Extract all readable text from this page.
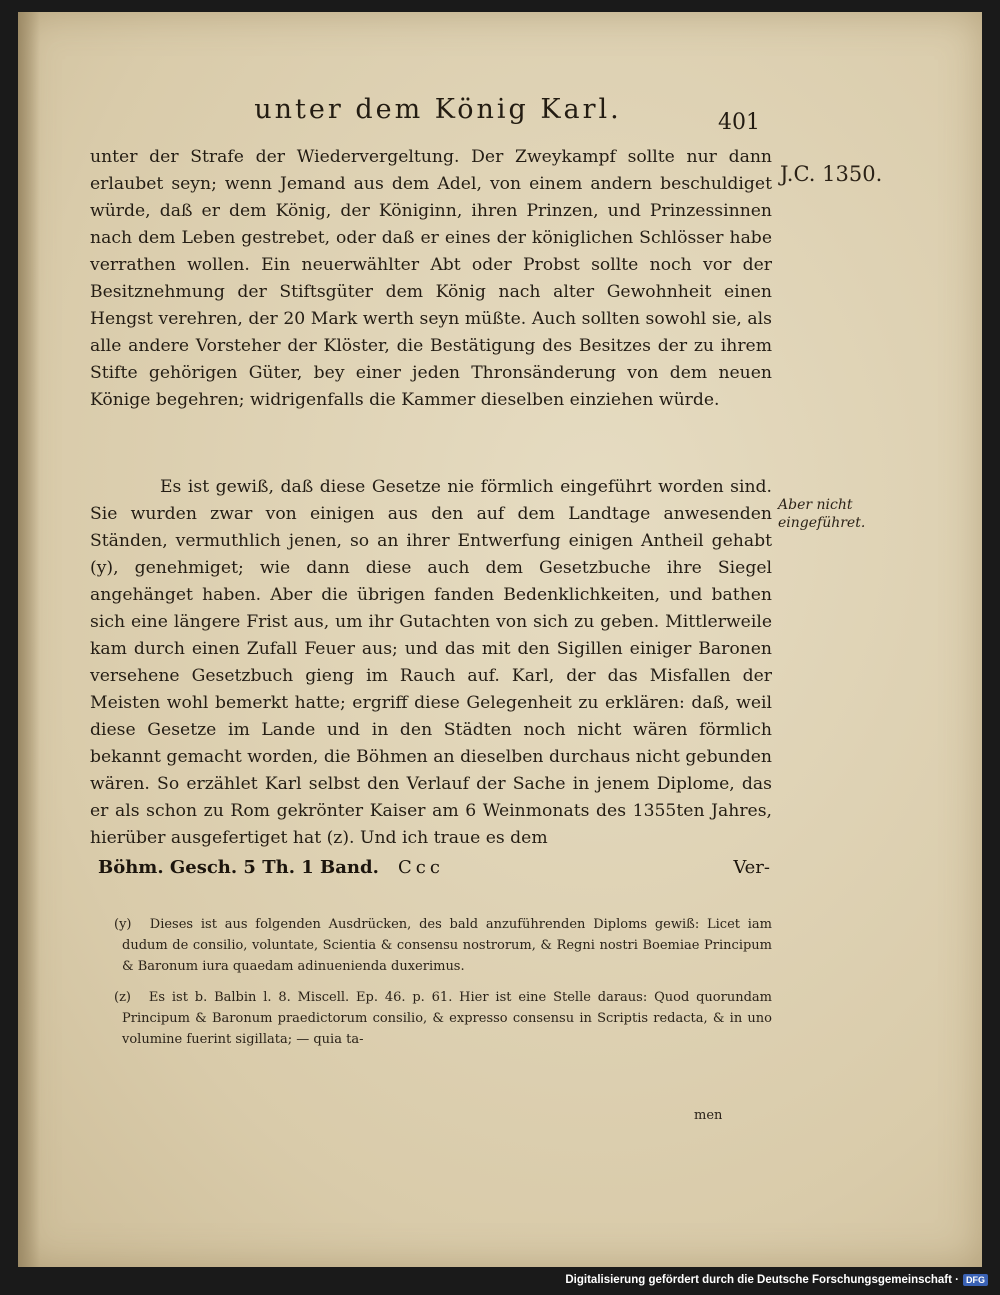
unter dem König Karl.	401
unter der Strafe der Wiedervergeltung. Der Zweykampf sollte nur dann erlaubet seyn; wenn Jemand aus dem Adel, von einem andern beschuldiget würde, daß er dem König, der Königinn, ihren Prinzen, und Prinzessinnen nach dem Leben gestrebet, oder daß er eines der königlichen Schlösser habe verrathen wollen. Ein neuerwählter Abt oder Probst sollte noch vor der Besitznehmung der Stiftsgüter dem König nach alter Gewohnheit einen Hengst verehren, der 20 Mark werth seyn müßte. Auch sollten sowohl sie, als alle andere Vorsteher der Klöster, die Bestätigung des Besitzes der zu ihrem Stifte gehörigen Güter, bey einer jeden Thronsänderung von dem neuen Könige begehren; widrigenfalls die Kammer dieselben einziehen würde.
Es ist gewiß, daß diese Gesetze nie förmlich eingeführt worden sind. Sie wurden zwar von einigen aus den auf dem Landtage anwesenden Ständen, vermuthlich jenen, so an ihrer Entwerfung einigen Antheil gehabt (y), genehmiget; wie dann diese auch dem Gesetzbuche ihre Siegel angehänget haben. Aber die übrigen fanden Bedenklichkeiten, und bathen sich eine längere Frist aus, um ihr Gutachten von sich zu geben. Mittlerweile kam durch einen Zufall Feuer aus; und das mit den Sigillen einiger Baronen versehene Gesetzbuch gieng im Rauch auf. Karl, der das Misfallen der Meisten wohl bemerkt hatte; ergriff diese Gelegenheit zu erklären: daß, weil diese Gesetze im Lande und in den Städten noch nicht wären förmlich bekannt gemacht worden, die Böhmen an dieselben durchaus nicht gebunden wären. So erzählet Karl selbst den Verlauf der Sache in jenem Diplome, das er als schon zu Rom gekrönter Kaiser am 6 Weinmonats des 1355ten Jahres, hierüber ausgefertiget hat (z). Und ich traue es dem
J.C. 1350.
Aber nicht eingeführet.
Böhm. Gesch. 5 Th. 1 Band. Ccc	Ver-
(y) Dieses ist aus folgenden Ausdrücken, des bald anzuführenden Diploms gewiß: Licet iam dudum de consilio, voluntate, Scientia & consensu nostrorum, & Regni nostri Boemiae Principum & Baronum iura quaedam adinuenienda duxerimus.
(z) Es ist b. Balbin l. 8. Miscell. Ep. 46. p. 61. Hier ist eine Stelle daraus: Quod quorundam Principum & Baronum praedictorum consilio, & expresso consensu in Scriptis redacta, & in uno volumine fuerint sigillata; — quia ta-
men
Digitalisierung gefördert durch die Deutsche Forschungsgemeinschaft · DFG
